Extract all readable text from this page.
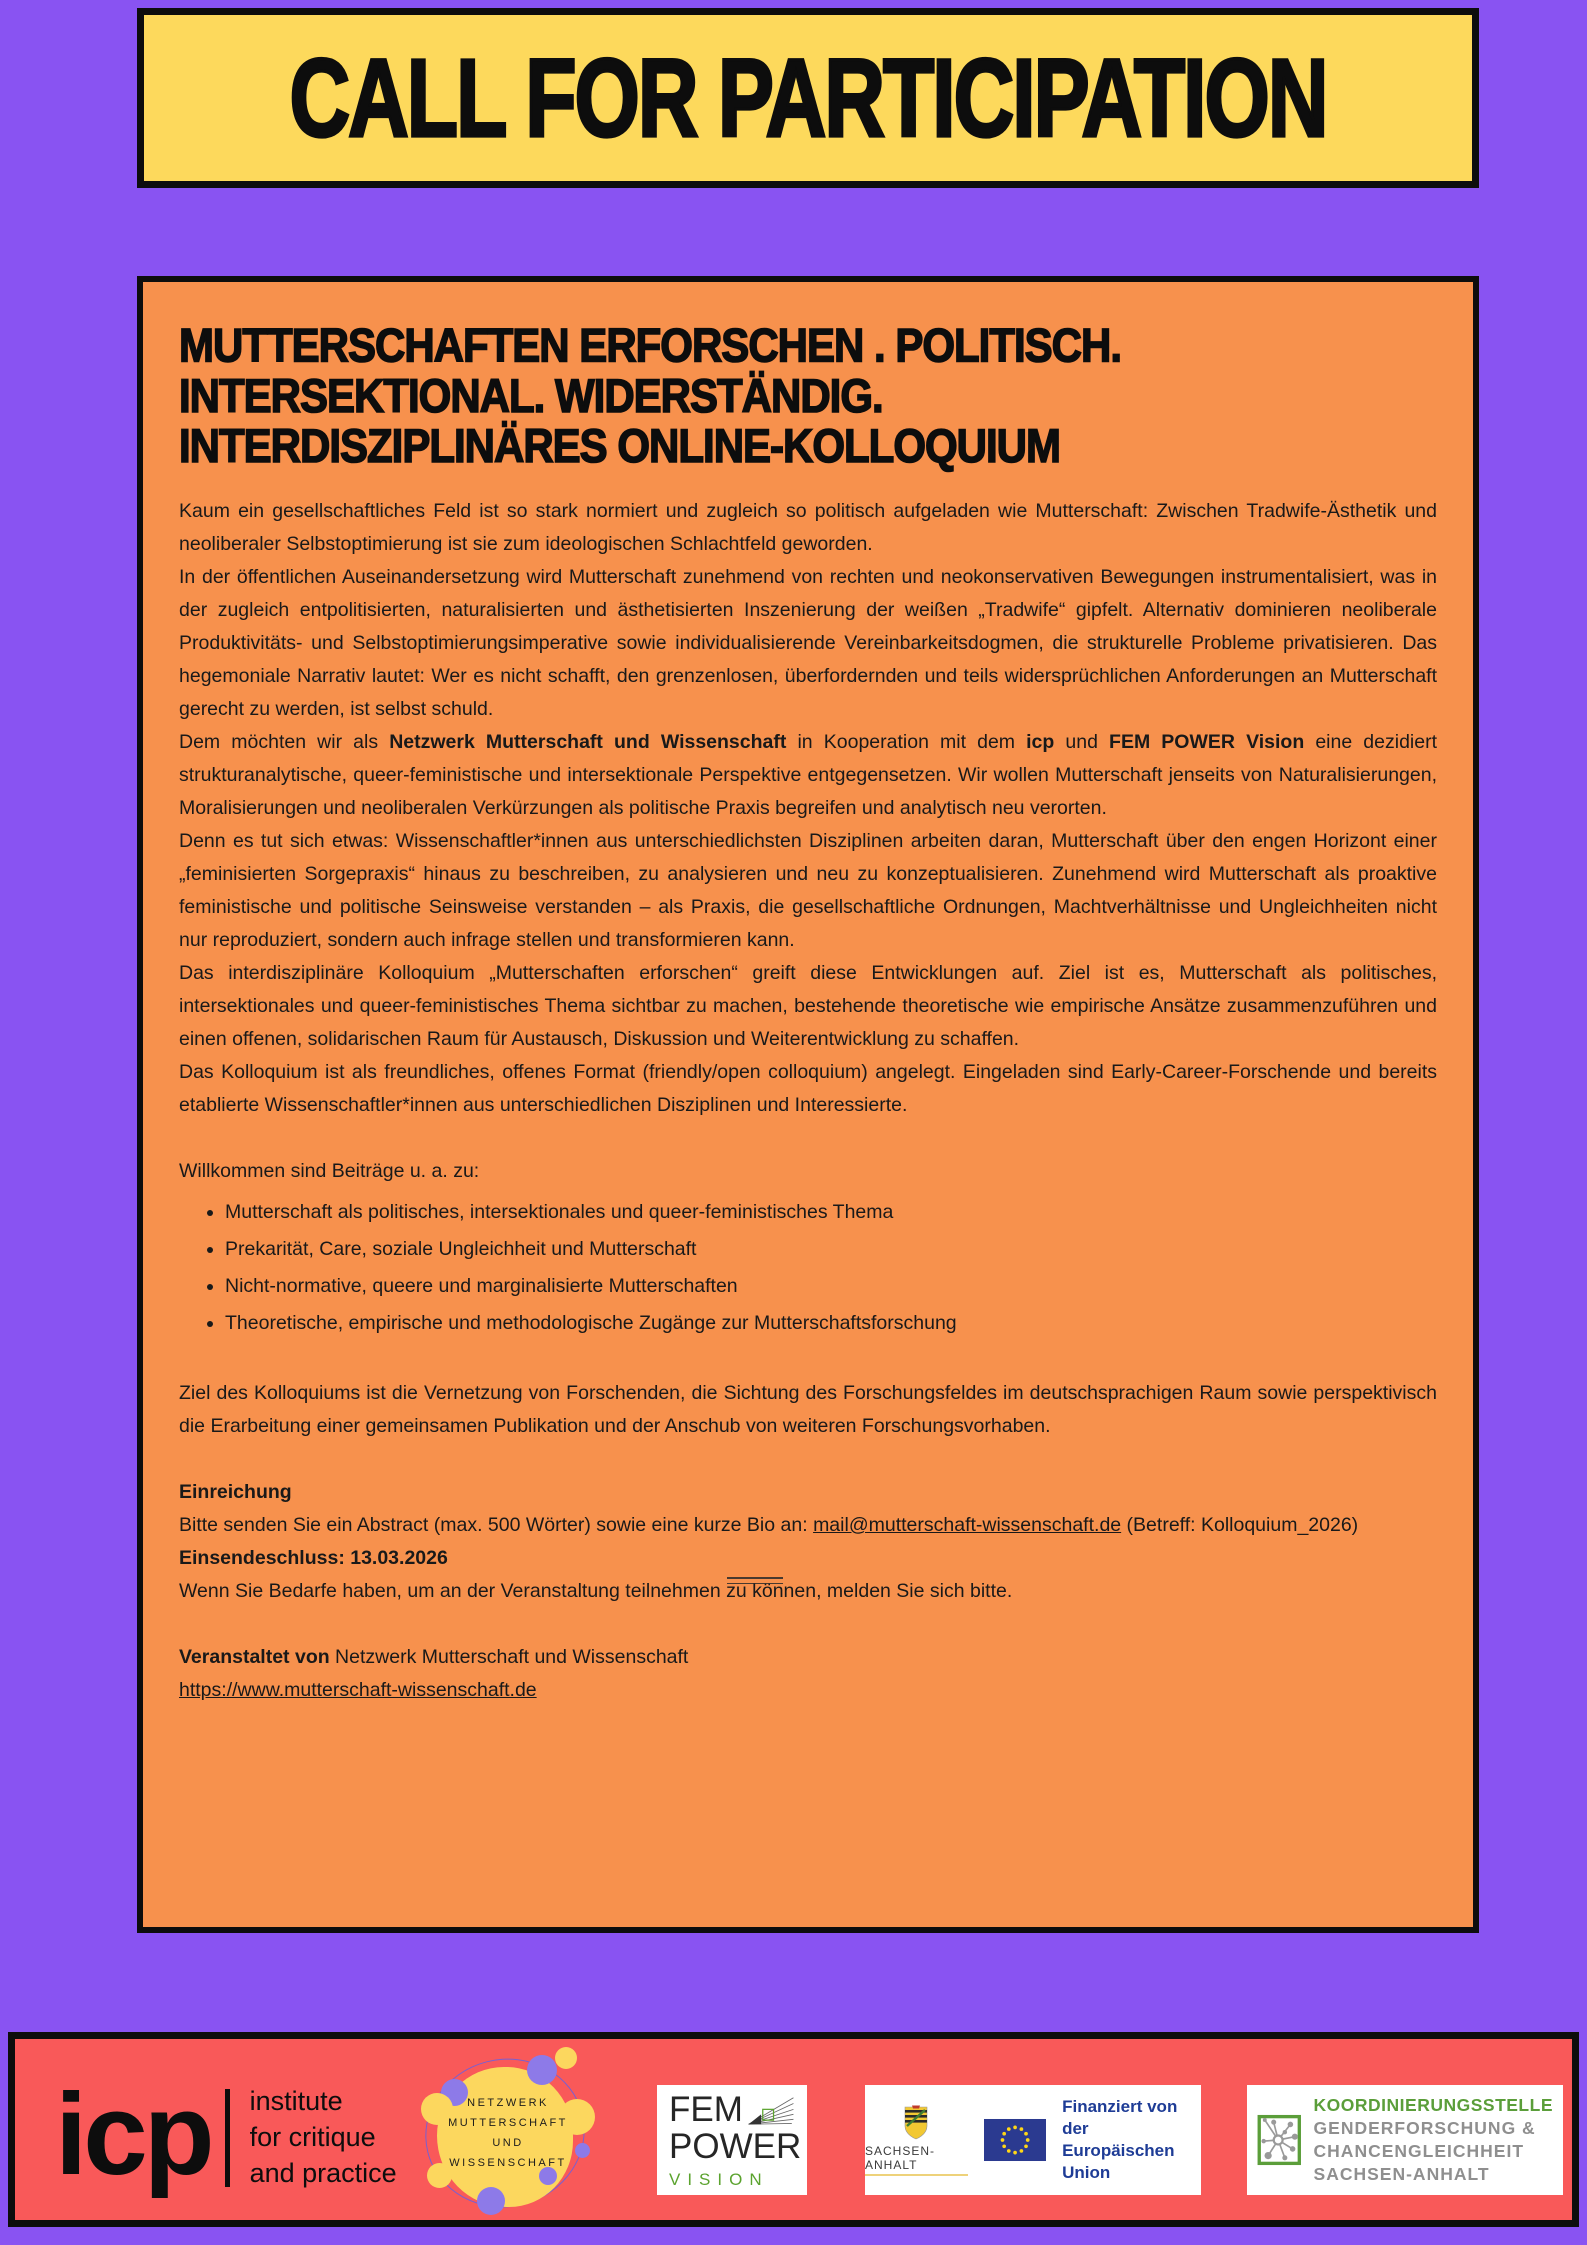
CALL FOR PARTICIPATION
MUTTERSCHAFTEN ERFORSCHEN . POLITISCH.
INTERSEKTIONAL. WIDERSTÄNDIG.
INTERDISZIPLINÄRES ONLINE-KOLLOQUIUM

Kaum ein gesellschaftliches Feld ist so stark normiert und zugleich so politisch aufgeladen wie Mutterschaft: Zwischen Tradwife-Ästhetik und neoliberaler Selbstoptimierung ist sie zum ideologischen Schlachtfeld geworden.

In der öffentlichen Auseinandersetzung wird Mutterschaft zunehmend von rechten und neokonservativen Bewegungen instrumentalisiert, was in der zugleich entpolitisierten, naturalisierten und ästhetisierten Inszenierung der weißen „Tradwife“ gipfelt. Alternativ dominieren neoliberale Produktivitäts- und Selbstoptimierungsimperative sowie individualisierende Vereinbarkeitsdogmen, die strukturelle Probleme privatisieren. Das hegemoniale Narrativ lautet: Wer es nicht schafft, den grenzenlosen, überfordernden und teils widersprüchlichen Anforderungen an Mutterschaft gerecht zu werden, ist selbst schuld.

Dem möchten wir als Netzwerk Mutterschaft und Wissenschaft in Kooperation mit dem icp und FEM POWER Vision eine dezidiert strukturanalytische, queer-feministische und intersektionale Perspektive entgegensetzen. Wir wollen Mutterschaft jenseits von Naturalisierungen, Moralisierungen und neoliberalen Verkürzungen als politische Praxis begreifen und analytisch neu verorten.

Denn es tut sich etwas: Wissenschaftler*innen aus unterschiedlichsten Disziplinen arbeiten daran, Mutterschaft über den engen Horizont einer „feminisierten Sorgepraxis“ hinaus zu beschreiben, zu analysieren und neu zu konzeptualisieren. Zunehmend wird Mutterschaft als proaktive feministische und politische Seinsweise verstanden – als Praxis, die gesellschaftliche Ordnungen, Machtverhältnisse und Ungleichheiten nicht nur reproduziert, sondern auch infrage stellen und transformieren kann.

Das interdisziplinäre Kolloquium „Mutterschaften erforschen“ greift diese Entwicklungen auf. Ziel ist es, Mutterschaft als politisches, intersektionales und queer-feministisches Thema sichtbar zu machen, bestehende theoretische wie empirische Ansätze zusammenzuführen und einen offenen, solidarischen Raum für Austausch, Diskussion und Weiterentwicklung zu schaffen.

Das Kolloquium ist als freundliches, offenes Format (friendly/open colloquium) angelegt. Eingeladen sind Early-Career-Forschende und bereits etablierte Wissenschaftler*innen aus unterschiedlichen Disziplinen und Interessierte.

Willkommen sind Beiträge u. a. zu:

• Mutterschaft als politisches, intersektionales und queer-feministisches Thema
• Prekarität, Care, soziale Ungleichheit und Mutterschaft
• Nicht-normative, queere und marginalisierte Mutterschaften
• Theoretische, empirische und methodologische Zugänge zur Mutterschaftsforschung

Ziel des Kolloquiums ist die Vernetzung von Forschenden, die Sichtung des Forschungsfeldes im deutschsprachigen Raum sowie perspektivisch die Erarbeitung einer gemeinsamen Publikation und der Anschub von weiteren Forschungsvorhaben.

Einreichung

Bitte senden Sie ein Abstract (max. 500 Wörter) sowie eine kurze Bio an: mail@mutterschaft-wissenschaft.de (Betreff: Kolloquium_2026)

Einsendeschluss: 13.03.2026

Wenn Sie Bedarfe haben, um an der Veranstaltung teilnehmen zu können, melden Sie sich bitte.

Veranstaltet von Netzwerk Mutterschaft und Wissenschaft

https://www.mutterschaft-wissenschaft.de

icp institute
for critique
and practice
NETZWERK
MUTTERSCHAFT
UND
WISSENSCHAFT
FEM
POWER
VISION
SACHSEN-ANHALT
Finanziert von der
Europäischen Union
KOORDINIERUNGSSTELLE
GENDERFORSCHUNG &
CHANCENGLEICHHEIT
SACHSEN-ANHALT
